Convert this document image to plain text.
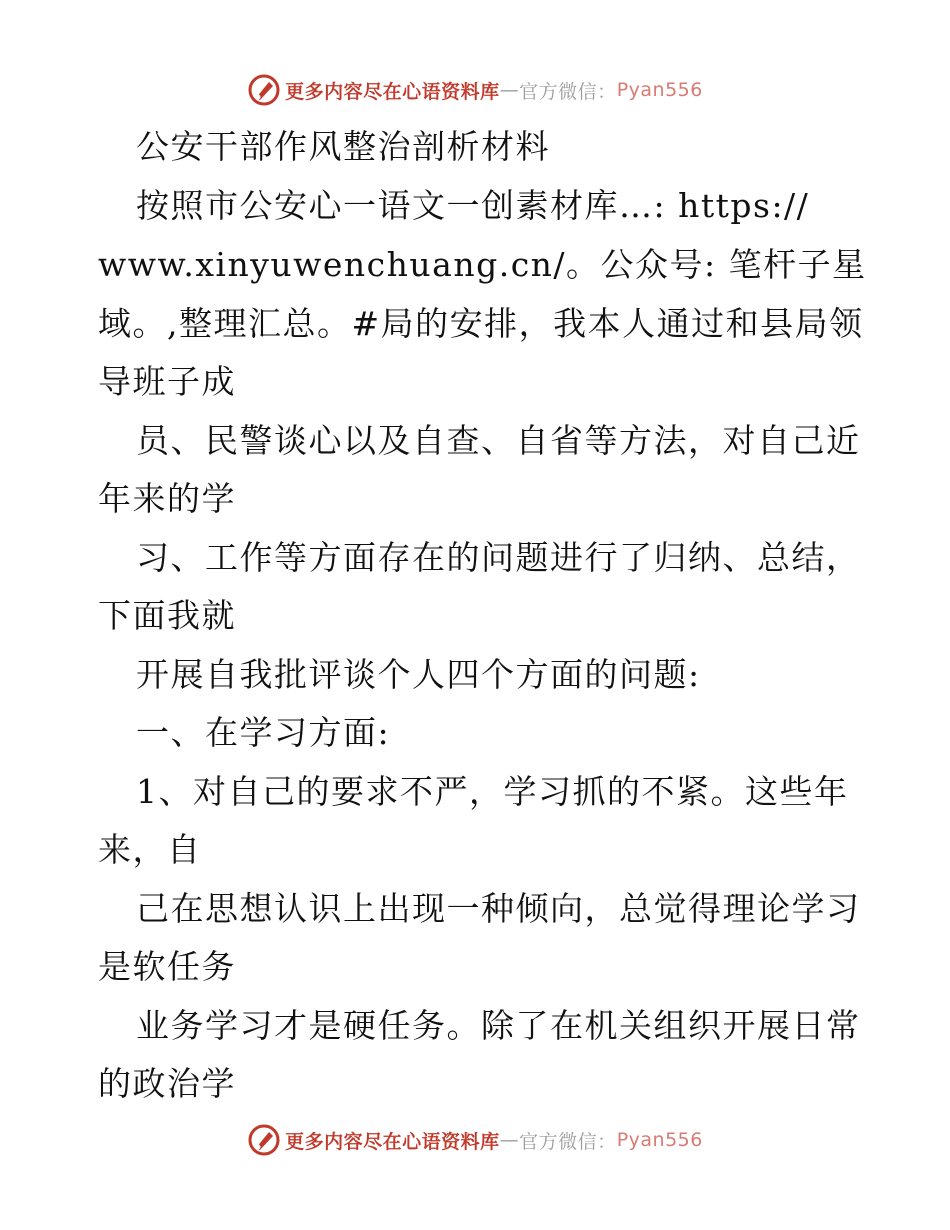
更多内容尽在心语资料库 — 官方微信： Pyan556
公安干部作风整治剖析材料
按照市公安心一语文一创素材库…: https://
www.xinyuwenchuang.cn/。公众号: 笔杆子星
域。,整理汇总。#局的安排，我本人通过和县局领
导班子成
员、民警谈心以及自查、自省等方法，对自己近
年来的学
习、工作等方面存在的问题进行了归纳、总结，
下面我就
开展自我批评谈个人四个方面的问题:
一、在学习方面:
1、对自己的要求不严，学习抓的不紧。这些年
来，自
己在思想认识上出现一种倾向，总觉得理论学习
是软任务
业务学习才是硬任务。除了在机关组织开展日常
的政治学
更多内容尽在心语资料库 — 官方微信： Pyan556
